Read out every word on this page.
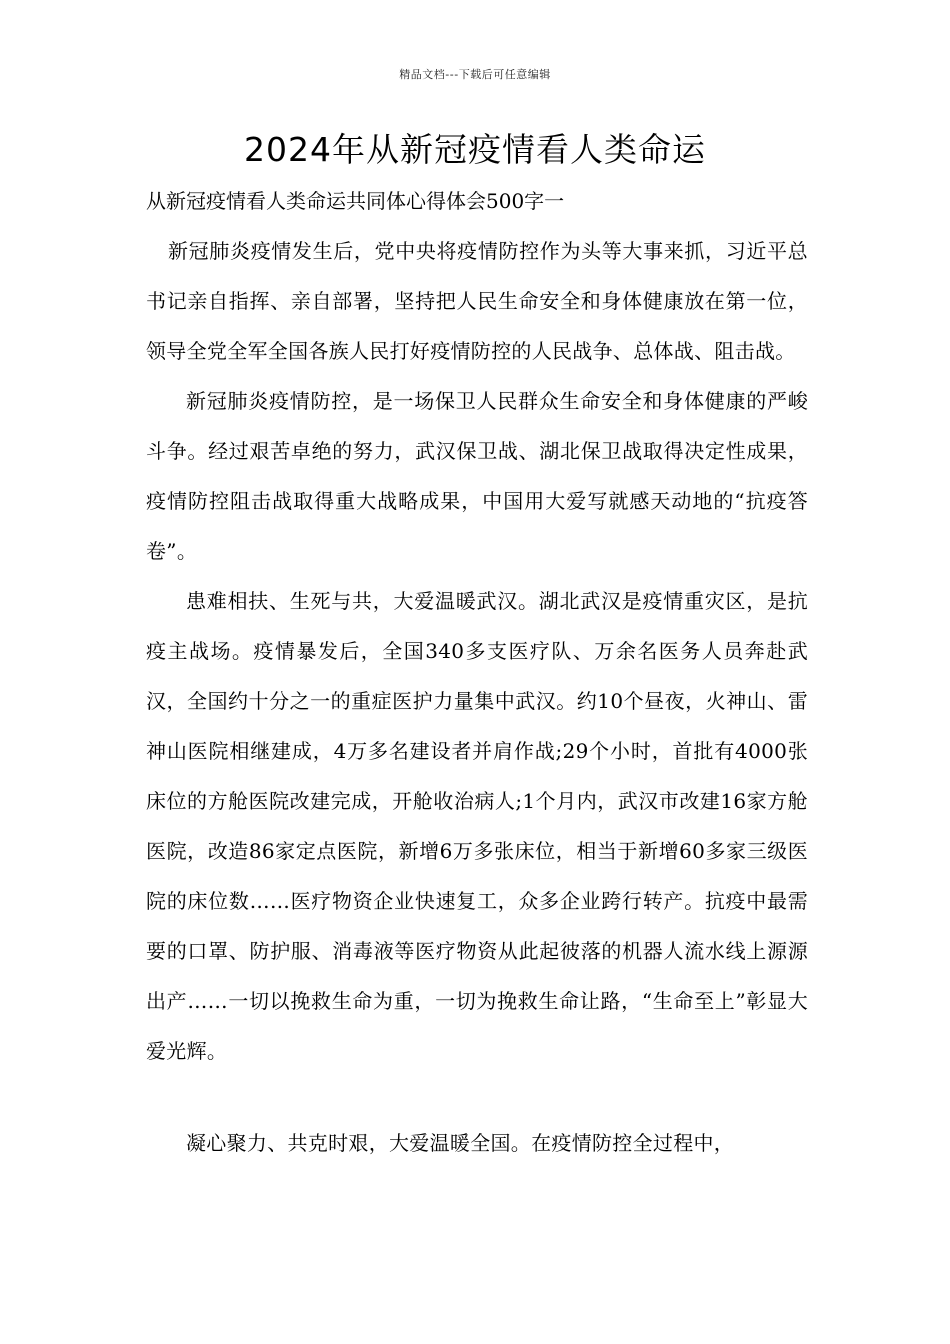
精品文档---下载后可任意编辑
2024年从新冠疫情看人类命运

从新冠疫情看人类命运共同体心得体会500字一

新冠肺炎疫情发生后，党中央将疫情防控作为头等大事来抓，习近平总书记亲自指挥、亲自部署，坚持把人民生命安全和身体健康放在第一位，领导全党全军全国各族人民打好疫情防控的人民战争、总体战、阻击战。

新冠肺炎疫情防控，是一场保卫人民群众生命安全和身体健康的严峻斗争。经过艰苦卓绝的努力，武汉保卫战、湖北保卫战取得决定性成果，疫情防控阻击战取得重大战略成果，中国用大爱写就感天动地的“抗疫答卷”。

患难相扶、生死与共，大爱温暖武汉。湖北武汉是疫情重灾区，是抗疫主战场。疫情暴发后，全国340多支医疗队、万余名医务人员奔赴武汉，全国约十分之一的重症医护力量集中武汉。约10个昼夜，火神山、雷神山医院相继建成，4万多名建设者并肩作战;29个小时，首批有4000张床位的方舱医院改建完成，开舱收治病人;1个月内，武汉市改建16家方舱医院，改造86家定点医院，新增6万多张床位，相当于新增60多家三级医院的床位数……医疗物资企业快速复工，众多企业跨行转产。抗疫中最需要的口罩、防护服、消毒液等医疗物资从此起彼落的机器人流水线上源源出产……一切以挽救生命为重，一切为挽救生命让路，“生命至上”彰显大爱光辉。

凝心聚力、共克时艰，大爱温暖全国。在疫情防控全过程中，
